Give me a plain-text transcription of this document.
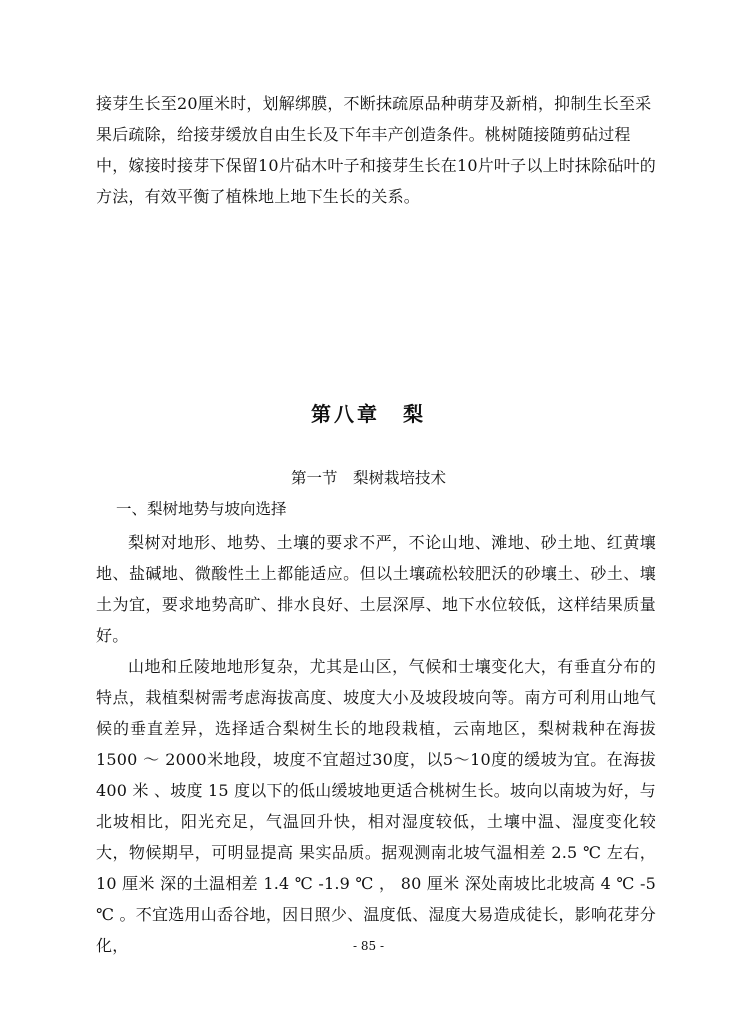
接芽生长至20厘米时，划解绑膜，不断抹疏原品种萌芽及新梢，抑制生长至采果后疏除，给接芽缓放自由生长及下年丰产创造条件。桃树随接随剪砧过程中，嫁接时接芽下保留10片砧木叶子和接芽生长在10片叶子以上时抹除砧叶的方法，有效平衡了植株地上地下生长的关系。

第八章　梨
第一节　梨树栽培技术
一、梨树地势与坡向选择

梨树对地形、地势、土壤的要求不严，不论山地、滩地、砂土地、红黄壤地、盐碱地、微酸性土上都能适应。但以土壤疏松较肥沃的砂壤土、砂土、壤土为宜，要求地势高旷、排水良好、土层深厚、地下水位较低，这样结果质量好。

山地和丘陵地地形复杂，尤其是山区，气候和士壤变化大，有垂直分布的特点，栽植梨树需考虑海拔高度、坡度大小及坡段坡向等。南方可利用山地气候的垂直差异，选择适合梨树生长的地段栽植，云南地区，梨树栽种在海拔1500 ～ 2000米地段，坡度不宜超过30度，以5～10度的缓坡为宜。在海拔400 米 、坡度 15 度以下的低山缓坡地更适合桃树生长。坡向以南坡为好，与北坡相比，阳光充足，气温回升快，相对湿度较低，土壤中温、湿度变化较大，物候期早，可明显提高 果实品质。据观测南北坡气温相差 2.5 ℃ 左右， 10 厘米 深的土温相差 1.4 ℃ -1.9 ℃ ， 80 厘米 深处南坡比北坡高 4 ℃ -5 ℃ 。不宜选用山岙谷地，因日照少、温度低、湿度大易造成徒长，影响花芽分化，	- 85 -
